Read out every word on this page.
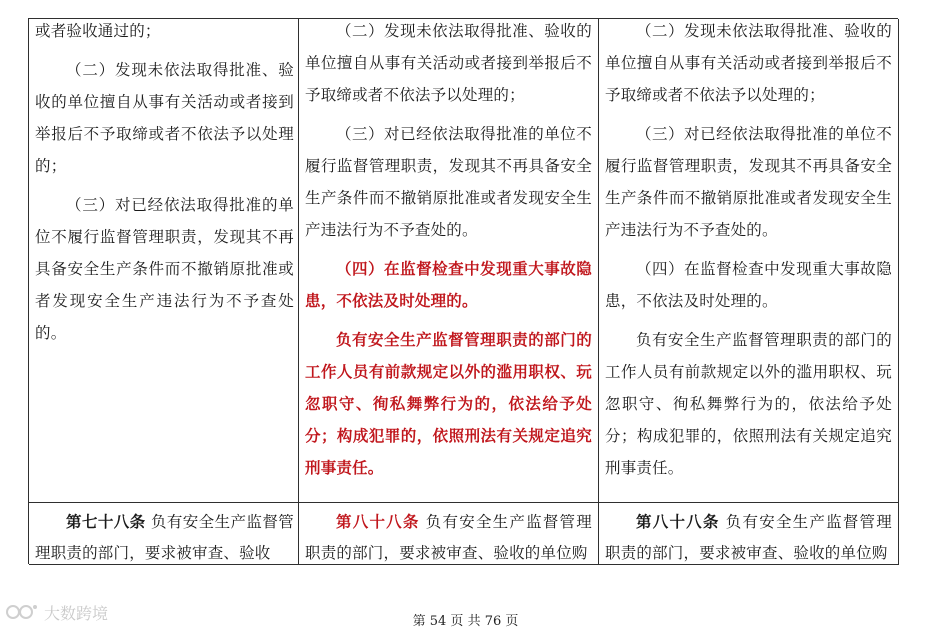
或者验收通过的；

（二）发现未依法取得批准、验收的单位擅自从事有关活动或者接到举报后不予取缔或者不依法予以处理的；

（三）对已经依法取得批准的单位不履行监督管理职责，发现其不再具备安全生产条件而不撤销原批准或者发现安全生产违法行为不予查处的。

（二）发现未依法取得批准、验收的单位擅自从事有关活动或者接到举报后不予取缔或者不依法予以处理的；

（三）对已经依法取得批准的单位不履行监督管理职责，发现其不再具备安全生产条件而不撤销原批准或者发现安全生产违法行为不予查处的。

（四）在监督检查中发现重大事故隐患，不依法及时处理的。

负有安全生产监督管理职责的部门的工作人员有前款规定以外的滥用职权、玩忽职守、徇私舞弊行为的，依法给予处分；构成犯罪的，依照刑法有关规定追究刑事责任。

（二）发现未依法取得批准、验收的单位擅自从事有关活动或者接到举报后不予取缔或者不依法予以处理的；

（三）对已经依法取得批准的单位不履行监督管理职责，发现其不再具备安全生产条件而不撤销原批准或者发现安全生产违法行为不予查处的。

（四）在监督检查中发现重大事故隐患，不依法及时处理的。

负有安全生产监督管理职责的部门的工作人员有前款规定以外的滥用职权、玩忽职守、徇私舞弊行为的，依法给予处分；构成犯罪的，依照刑法有关规定追究刑事责任。

第七十八条 负有安全生产监督管理职责的部门，要求被审查、验收

第八十八条 负有安全生产监督管理职责的部门，要求被审查、验收的单位购

第八十八条 负有安全生产监督管理职责的部门，要求被审查、验收的单位购

大数跨境	第 54 页 共 76 页
